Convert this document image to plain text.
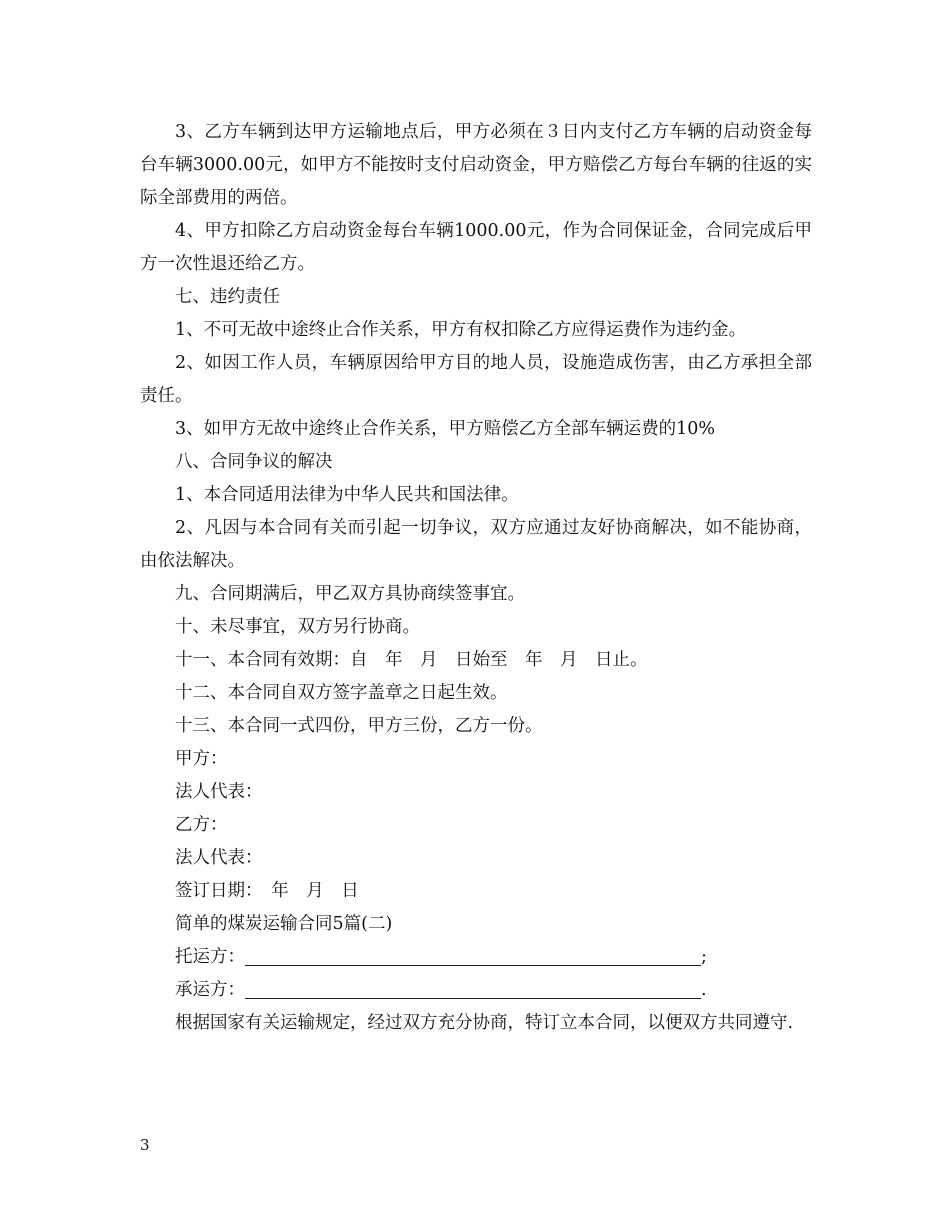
3、乙方车辆到达甲方运输地点后，甲方必须在３日内支付乙方车辆的启动资金每台车辆3000.00元，如甲方不能按时支付启动资金，甲方赔偿乙方每台车辆的往返的实际全部费用的两倍。

4、甲方扣除乙方启动资金每台车辆1000.00元，作为合同保证金，合同完成后甲方一次性退还给乙方。

七、违约责任

1、不可无故中途终止合作关系，甲方有权扣除乙方应得运费作为违约金。

2、如因工作人员，车辆原因给甲方目的地人员，设施造成伤害，由乙方承担全部责任。

3、如甲方无故中途终止合作关系，甲方赔偿乙方全部车辆运费的10%

八、合同争议的解决

1、本合同适用法律为中华人民共和国法律。

2、凡因与本合同有关而引起一切争议，双方应通过友好协商解决，如不能协商，由依法解决。

九、合同期满后，甲乙双方具协商续签事宜。

十、未尽事宜，双方另行协商。

十一、本合同有效期：自　年　月　日始至　年　月　日止。

十二、本合同自双方签字盖章之日起生效。

十三、本合同一式四份，甲方三份，乙方一份。

甲方：

法人代表：

乙方：

法人代表：

签订日期：　年　月　日

简单的煤炭运输合同5篇(二)

托运方：	;

承运方：	.

根据国家有关运输规定，经过双方充分协商，特订立本合同，以便双方共同遵守.

3
